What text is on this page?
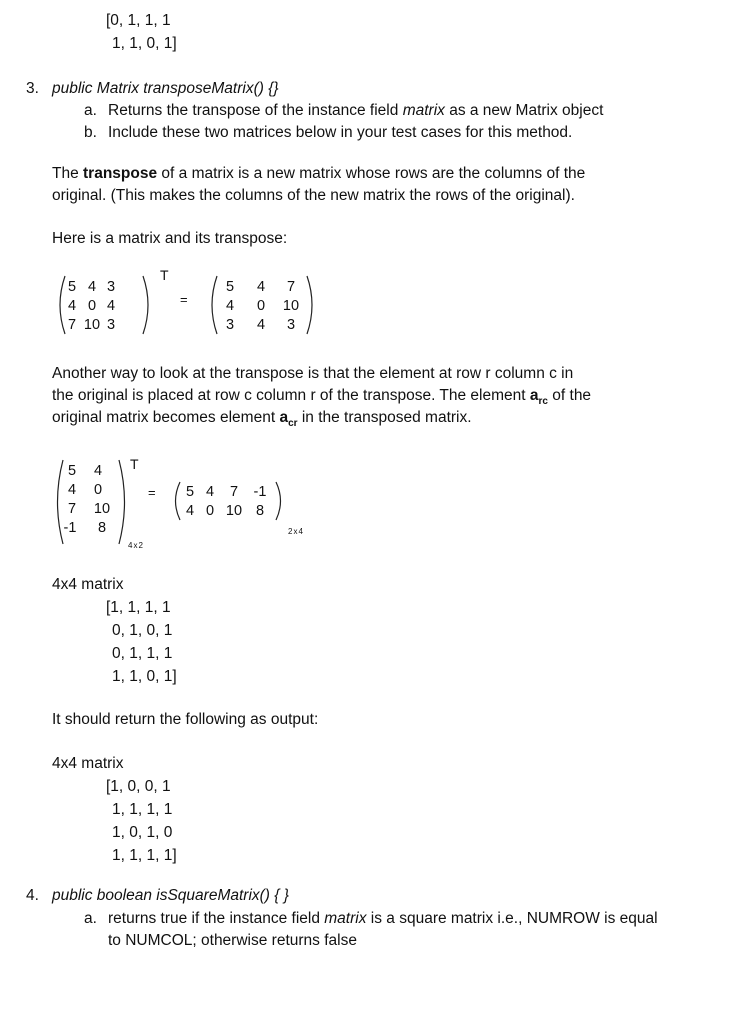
[0, 1, 1, 1
1, 1, 0, 1]
3. public Matrix transposeMatrix() {}
a. Returns the transpose of the instance field matrix as a new Matrix object
b. Include these two matrices below in your test cases for this method.
The transpose of a matrix is a new matrix whose rows are the columns of the
original. (This makes the columns of the new matrix the rows of the original).
Here is a matrix and its transpose:
5 4 3
4 0 4
7 10 3
T
=
5	4	7
4	0	10
3	4	3
Another way to look at the transpose is that the element at row r column c in
the original is placed at row c column r of the transpose. The element $a_{rc}$ of the
original matrix becomes element $a_{cr}$ in the transposed matrix.
5	4
4	0
7	10
-1	8
T
4x2
=	5 4	7	-1
4 0 10 8
2x4
4x4 matrix
[1, 1, 1, 1
0, 1, 0, 1
0, 1, 1, 1
1, 1, 0, 1]
It should return the following as output:
4x4 matrix
[1, 0, 0, 1
1, 1, 1, 1
1, 0, 1, 0
1, 1, 1, 1]
4. public boolean isSquareMatrix() { }
a. returns true if the instance field matrix is a square matrix i.e., NUMROW is equal
to NUMCOL; otherwise returns false
